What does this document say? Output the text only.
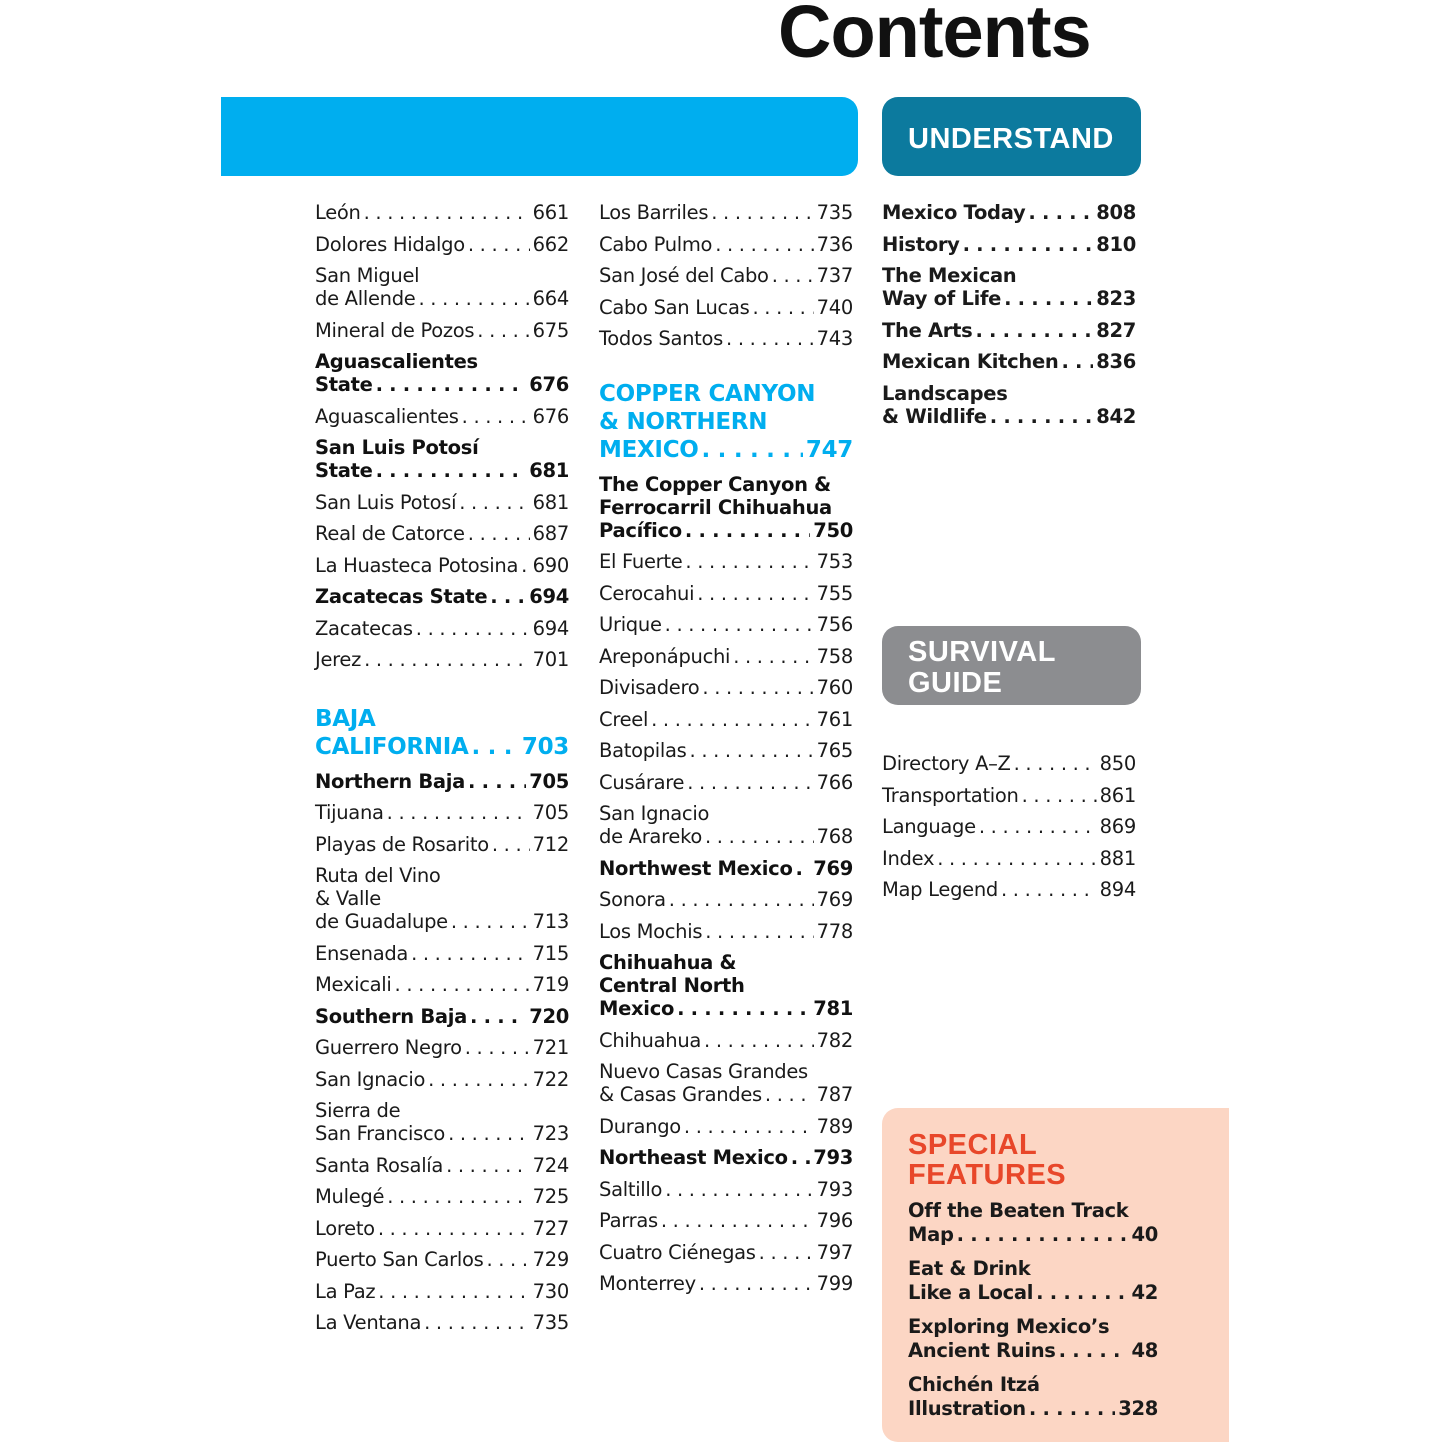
Contents
UNDERSTAND
SURVIVAL
GUIDE
SPECIAL
FEATURES
León . . .	661
Dolores Hidalgo . . .	662
San Miguel
de Allende . . .	664
Mineral de Pozos . . .	675
Aguascalientes
State . . .	676
Aguascalientes . . .	676
San Luis Potosí
State . . .	681
San Luis Potosí . . .	681
Real de Catorce . . .	687
La Huasteca Potosina . . . 690
Zacatecas State . . . 694
Zacatecas . . .	694
Jerez . . .	701
BAJA
CALIFORNIA . . . 703
Northern Baja . . .	705
Tijuana . . .	705
Playas de Rosarito . . . 712
Ruta del Vino
& Valle
de Guadalupe . . .	713
Ensenada . . .	715
Mexicali . . .	719
Southern Baja . . .	720
Guerrero Negro . . .	721
San Ignacio . . .	722
Sierra de
San Francisco . . .	723
Santa Rosalía . . .	724
Mulegé . . .	725
Loreto . . .	727
Puerto San Carlos . . .	729
La Paz . . .	730
La Ventana . . .	735
Los Barriles . . .	735
Cabo Pulmo . . .	736
San José del Cabo . . . 737
Cabo San Lucas . . .	740
Todos Santos . . .	743
COPPER CANYON
& NORTHERN
MEXICO . . .	747
The Copper Canyon &
Ferrocarril Chihuahua
Pacífico . . .	750
El Fuerte . . .	753
Cerocahui . . .	755
Urique . . .	756
Areponápuchi . . .	758
Divisadero . . .	760
Creel . . .	761
Batopilas . . .	765
Cusárare . . .	766
San Ignacio
de Arareko . . .	768
Northwest Mexico . . . 769
Sonora . . .	769
Los Mochis . . .	778
Chihuahua &
Central North
Mexico . . .	781
Chihuahua . . .	782
Nuevo Casas Grandes
& Casas Grandes . . .	787
Durango . . .	789
Northeast Mexico . . . 793
Saltillo . . .	793
Parras . . .	796
Cuatro Ciénegas . . .	797
Monterrey . . .	799
Mexico Today . . .	808
History . . .	810
The Mexican
Way of Life . . .	823
The Arts . . .	827
Mexican Kitchen . . . 836
Landscapes
& Wildlife . . .	842
Directory A–Z . . .	850
Transportation . . .	861
Language . . .	869
Index . . .	881
Map Legend . . .	894
Off the Beaten Track
Map . . .	40
Eat & Drink
Like a Local . . .	42
Exploring Mexico’s
Ancient Ruins . . .	48
Chichén Itzá
Illustration . . .	328
